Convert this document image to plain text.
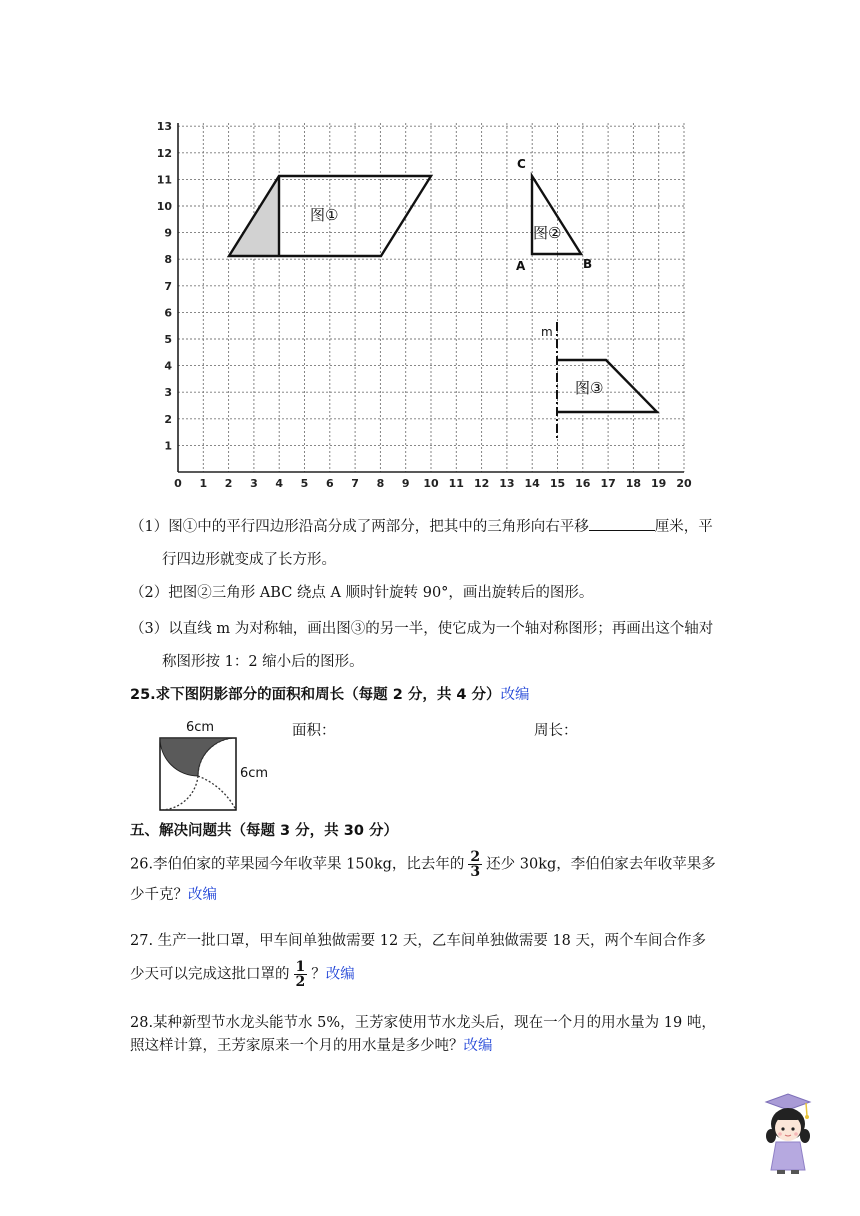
0 1 2 3 4 5 6 7 8 9 10 11 12 13 14 15 16 17 18 19 20
1
2
3
4
5
6
7
8
9
10
11
12
13
图①
图②
C
A	B
m
图③
（1）图①中的平行四边形沿高分成了两部分，把其中的三角形向右平移	厘米，平
行四边形就变成了长方形。
（2）把图②三角形 ABC 绕点 A 顺时针旋转 90°，画出旋转后的图形。
（3）以直线 m 为对称轴，画出图③的另一半，使它成为一个轴对称图形；再画出这个轴对
称图形按 1：2 缩小后的图形。
25.求下图阴影部分的面积和周长（每题 2 分，共 4 分）改编
6cm
6cm
面积：	周长：
五、解决问题共（每题 3 分，共 30 分）
26.李伯伯家的苹果园今年收苹果 150kg，比去年的 $\frac{2}{3}$ 还少 30kg，李伯伯家去年收苹果多
少千克？改编
27. 生产一批口罩，甲车间单独做需要 12 天，乙车间单独做需要 18 天，两个车间合作多
少天可以完成这批口罩的 $\frac{1}{2}$ ？改编
28.某种新型节水龙头能节水 5%，王芳家使用节水龙头后，现在一个月的用水量为 19 吨，
照这样计算，王芳家原来一个月的用水量是多少吨？改编
